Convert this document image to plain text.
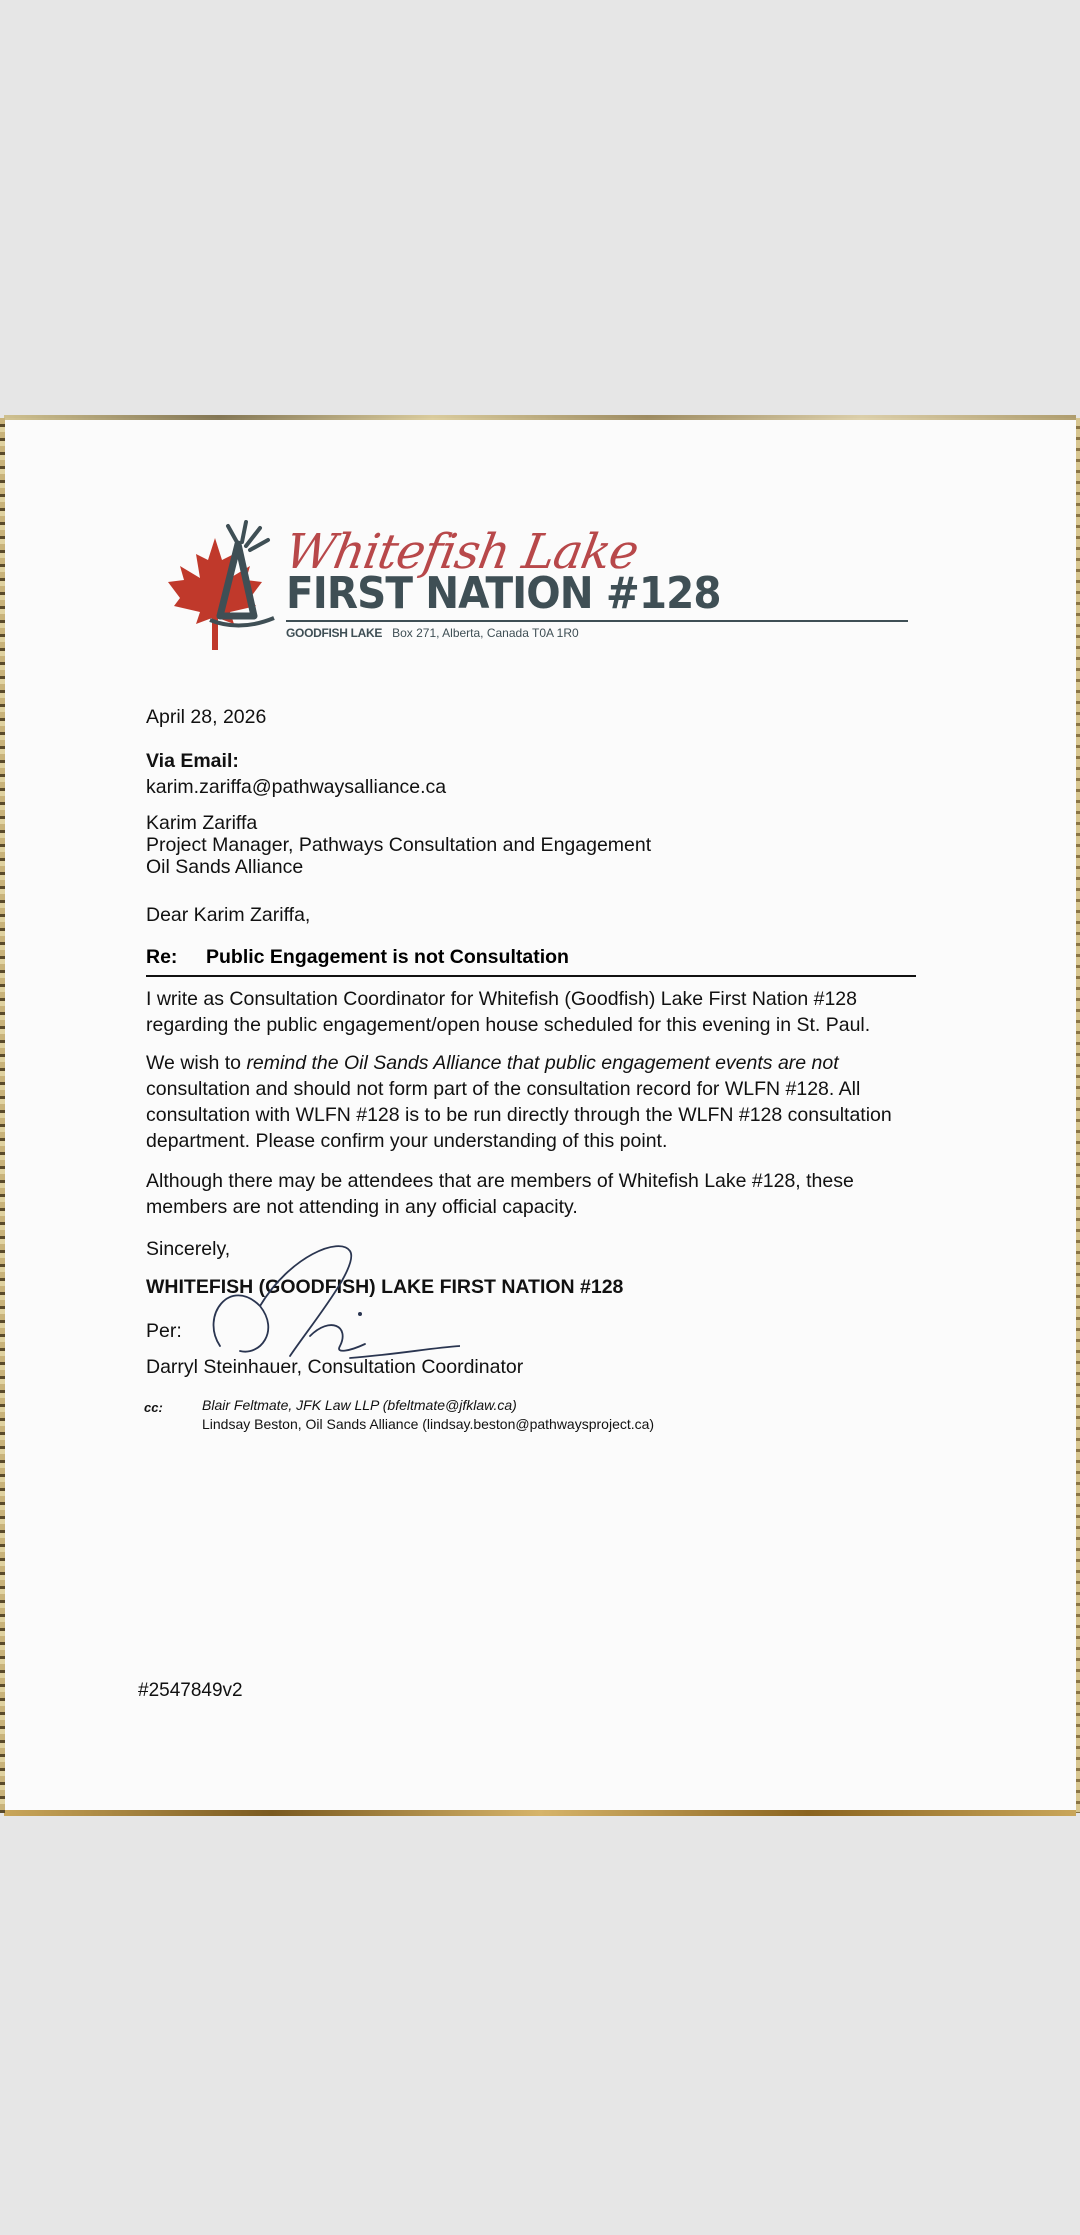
Whitefish Lake
FIRST NATION #128
GOODFISH LAKE Box 271, Alberta, Canada T0A 1R0
April 28, 2026
Via Email:
karim.zariffa@pathwaysalliance.ca
Karim Zariffa
Project Manager, Pathways Consultation and Engagement
Oil Sands Alliance
Dear Karim Zariffa,
Re: Public Engagement is not Consultation
I write as Consultation Coordinator for Whitefish (Goodfish) Lake First Nation #128 regarding the public engagement/open house scheduled for this evening in St. Paul.
We wish to remind the Oil Sands Alliance that public engagement events are not consultation and should not form part of the consultation record for WLFN #128. All consultation with WLFN #128 is to be run directly through the WLFN #128 consultation department. Please confirm your understanding of this point.
Although there may be attendees that are members of Whitefish Lake #128, these members are not attending in any official capacity.
Sincerely,
WHITEFISH (GOODFISH) LAKE FIRST NATION #128
Per:
Darryl Steinhauer, Consultation Coordinator
cc:	Blair Feltmate, JFK Law LLP (bfeltmate@jfklaw.ca)
Lindsay Beston, Oil Sands Alliance (lindsay.beston@pathwaysproject.ca)
#2547849v2
